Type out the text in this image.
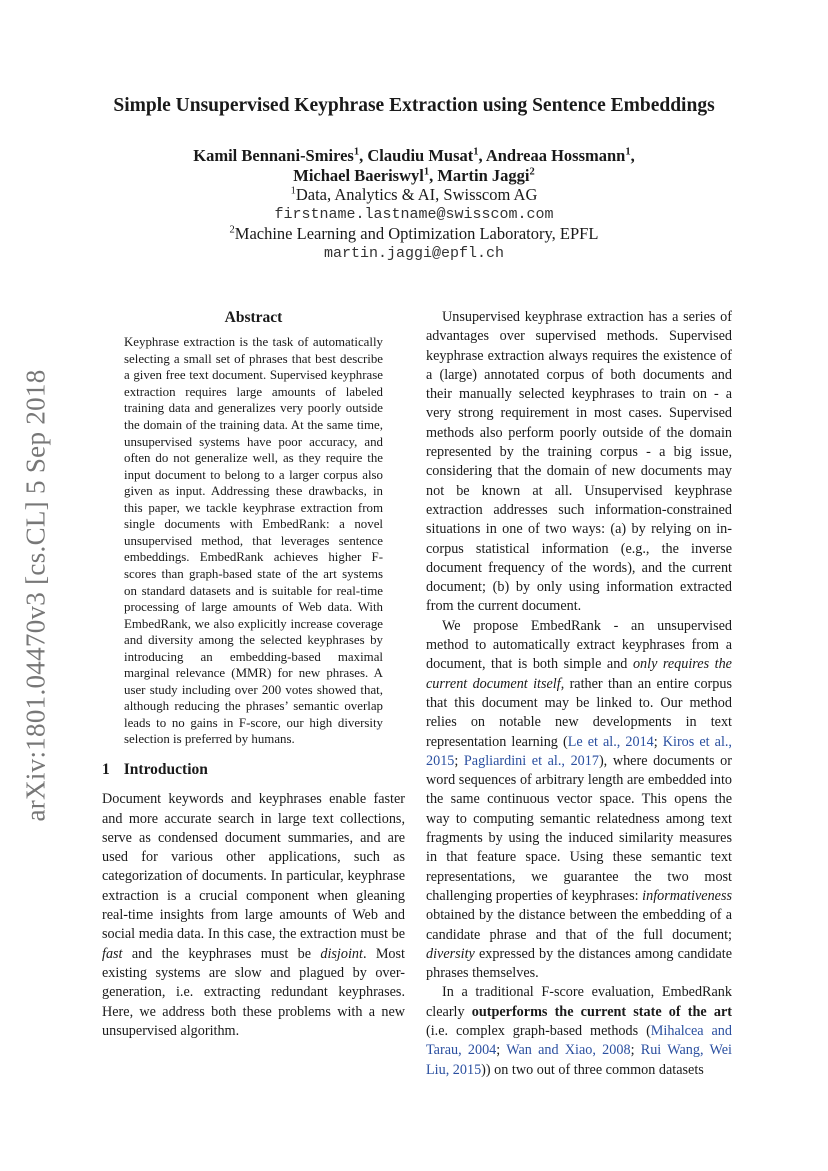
arXiv:1801.04470v3 [cs.CL] 5 Sep 2018
Simple Unsupervised Keyphrase Extraction using Sentence Embeddings
Kamil Bennani-Smires$^1$, Claudiu Musat$^1$, Andreaa Hossmann$^1$,
Michael Baeriswyl$^1$, Martin Jaggi$^2$
$^1$Data, Analytics & AI, Swisscom AG
firstname.lastname@swisscom.com
$^2$Machine Learning and Optimization Laboratory, EPFL
martin.jaggi@epfl.ch
Abstract

Keyphrase extraction is the task of automatically selecting a small set of phrases that best describe a given free text document. Supervised keyphrase extraction requires large amounts of labeled training data and generalizes very poorly outside the domain of the training data. At the same time, unsupervised systems have poor accuracy, and often do not generalize well, as they require the input document to belong to a larger corpus also given as input. Addressing these drawbacks, in this paper, we tackle keyphrase extraction from single documents with EmbedRank: a novel unsupervised method, that leverages sentence embeddings. EmbedRank achieves higher F-scores than graph-based state of the art systems on standard datasets and is suitable for real-time processing of large amounts of Web data. With EmbedRank, we also explicitly increase coverage and diversity among the selected keyphrases by introducing an embedding-based maximal marginal relevance (MMR) for new phrases. A user study including over 200 votes showed that, although reducing the phrases’ semantic overlap leads to no gains in F-score, our high diversity selection is preferred by humans.

1 Introduction

Document keywords and keyphrases enable faster and more accurate search in large text collections, serve as condensed document summaries, and are used for various other applications, such as categorization of documents. In particular, keyphrase extraction is a crucial component when gleaning real-time insights from large amounts of Web and social media data. In this case, the extraction must be fast and the keyphrases must be disjoint. Most existing systems are slow and plagued by over-generation, i.e. extracting redundant keyphrases. Here, we address both these problems with a new unsupervised algorithm.

Unsupervised keyphrase extraction has a series of advantages over supervised methods. Supervised keyphrase extraction always requires the existence of a (large) annotated corpus of both documents and their manually selected keyphrases to train on - a very strong requirement in most cases. Supervised methods also perform poorly outside of the domain represented by the training corpus - a big issue, considering that the domain of new documents may not be known at all. Unsupervised keyphrase extraction addresses such information-constrained situations in one of two ways: (a) by relying on in-corpus statistical information (e.g., the inverse document frequency of the words), and the current document; (b) by only using information extracted from the current document.

We propose EmbedRank - an unsupervised method to automatically extract keyphrases from a document, that is both simple and only requires the current document itself, rather than an entire corpus that this document may be linked to. Our method relies on notable new developments in text representation learning (Le et al., 2014; Kiros et al., 2015; Pagliardini et al., 2017), where documents or word sequences of arbitrary length are embedded into the same continuous vector space. This opens the way to computing semantic relatedness among text fragments by using the induced similarity measures in that feature space. Using these semantic text representations, we guarantee the two most challenging properties of keyphrases: informativeness obtained by the distance between the embedding of a candidate phrase and that of the full document; diversity expressed by the distances among candidate phrases themselves.

In a traditional F-score evaluation, EmbedRank clearly outperforms the current state of the art (i.e. complex graph-based methods (Mihalcea and Tarau, 2004; Wan and Xiao, 2008; Rui Wang, Wei Liu, 2015)) on two out of three common datasets
